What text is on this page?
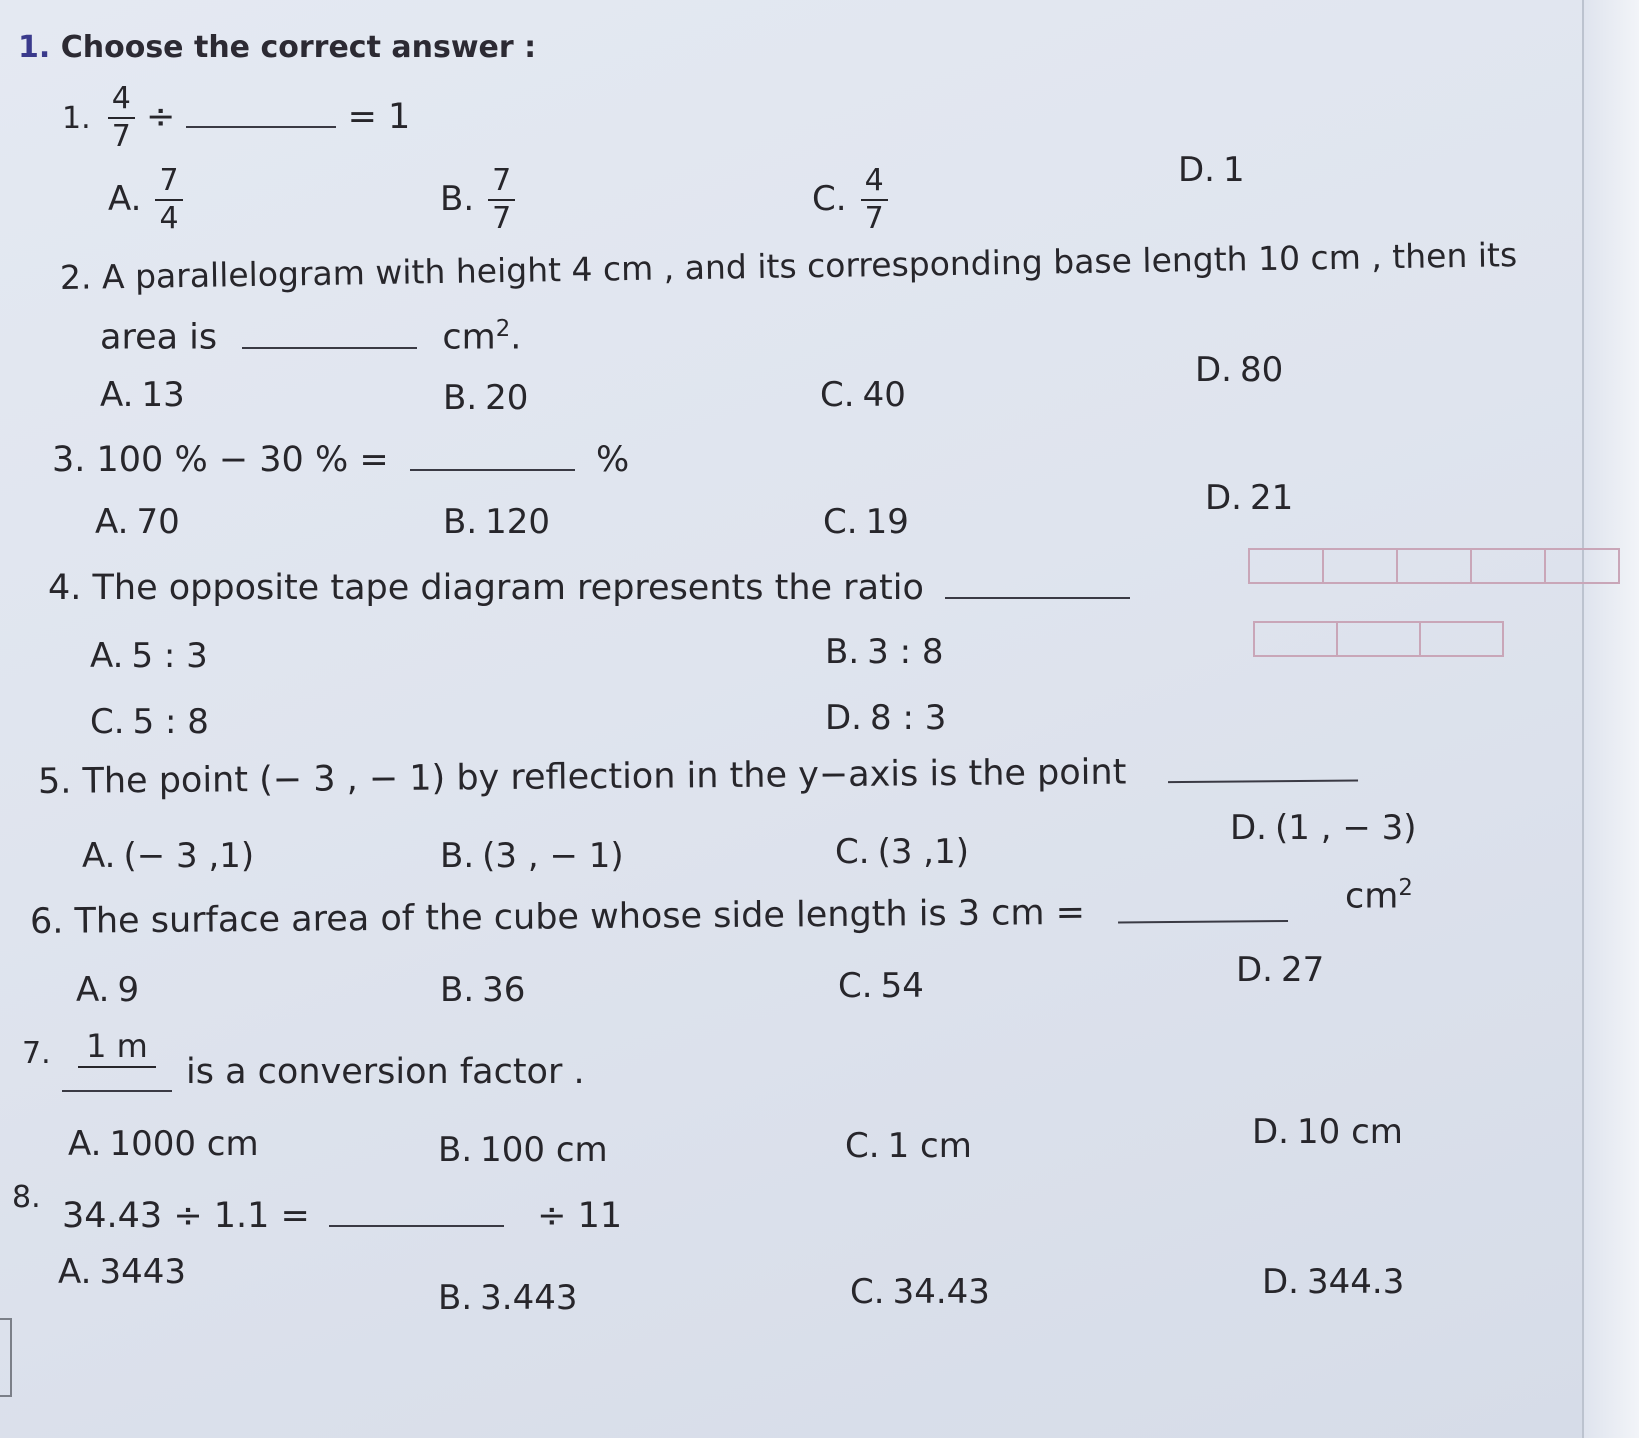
1. Choose the correct answer :
1. $\frac{4}{7}$ ÷	= 1
A. $\frac{7}{4}$	B. $\frac{7}{7}$	C. $\frac{4}{7}$	D. 1
2. A parallelogram with height 4 cm , and its corresponding base length 10 cm , then its
area is	$cm^2$.
A. 13	B. 20	C. 40
D. 80
3. 100 % − 30 % =	%
A. 70	B. 120	C. 19
D. 21
4. The opposite tape diagram represents the ratio
A. 5 : 3	B. 3 : 8
C. 5 : 8	D. 8 : 3
5. The point (− 3 , − 1) by reflection in the y−axis is the point
A. (− 3 ,1)	B. (3 , − 1)	C. (3 ,1)
D. (1 , − 3)
6. The surface area of the cube whose side length is 3 cm =	$cm^2$
A. 9	B. 36	C. 54	D. 27
7. 1 m
is a conversion factor .
A. 1000 cm	B. 100 cm	C. 1 cm	D. 10 cm
8. 34.43 ÷ 1.1 =	÷ 11
A. 3443
B. 3.443	C. 34.43	D. 344.3
